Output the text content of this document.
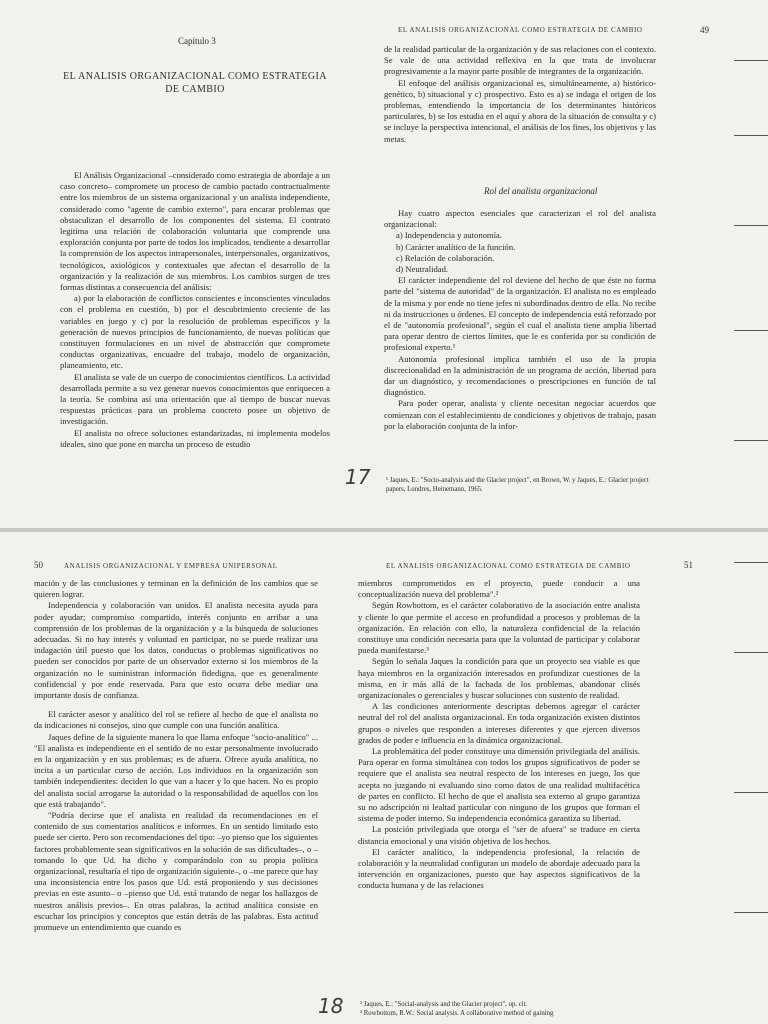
Capítulo 3
EL ANALISIS ORGANIZACIONAL COMO ESTRATEGIA
DE CAMBIO

El Análisis Organizacional –considerado como estrategia de abordaje a un caso concreto– compromete un proceso de cambio pactado contractualmente entre los miembros de un sistema organizacional y un analista independiente, considerado como "agente de cambio externo", para encarar problemas que obstaculizan el desarrollo de los componentes del sistema. El contrato legitima una relación de colaboración voluntaria que comprende una exploración conjunta por parte de todos los implicados, tendiente a desarrollar la comprensión de los aspectos intrapersonales, interpersonales, organizativos, tecnológicos, axiológicos y contextuales que afectan el desarrollo de la organización y la realización de sus miembros. Los cambios surgen de tres formas distintas a consecuencia del análisis:

a) por la elaboración de conflictos conscientes e inconscientes vinculados con el problema en cuestión, b) por el descubrimiento creciente de las variables en juego y c) por la resolución de problemas específicos y la generación de nuevos principios de funcionamiento, de nuevas políticas que constituyen formulaciones en un nivel de abstracción que compromete conductas organizativas, encuadre del trabajo, modelo de organización, planeamiento, etc.

El analista se vale de un cuerpo de conocimientos científicos. La actividad desarrollada permite a su vez generar nuevos conocimientos que enriquecen a la teoría. Se combina así una orientación que al tiempo de buscar nuevas respuestas prácticas para un problema concreto posee un objetivo de investigación.

El analista no ofrece soluciones estandarizadas, ni implementa modelos ideales, sino que pone en marcha un proceso de estudio

17
EL ANALISIS ORGANIZACIONAL COMO ESTRATEGIA DE CAMBIO	49

de la realidad particular de la organización y de sus relaciones con el contexto. Se vale de una actividad reflexiva en la que trata de involucrar progresivamente a la mayor parte posible de integrantes de la organización.

El enfoque del análisis organizacional es, simultáneamente, a) histórico-genético, b) situacional y c) prospectivo. Esto es a) se indaga el origen de los problemas, entendiendo la importancia de los determinantes históricos particulares, b) se los estudia en el aquí y ahora de la situación de consulta y c) se incluye la perspectiva intencional, el análisis de los fines, los objetivos y las metas.

Rol del analista organizacional

Hay cuatro aspectos esenciales que caracterizan el rol del analista organizacional:

a) Independencia y autonomía.

b) Carácter analítico de la función.

c) Relación de colaboración.

d) Neutralidad.

El carácter independiente del rol deviene del hecho de que éste no forma parte del "sistema de autoridad" de la organización. El analista no es empleado de la misma y por ende no tiene jefes ni subordinados dentro de ella. No recibe ni da instrucciones u órdenes. El concepto de independencia está reforzado por el de "autonomía profesional", según el cual el analista tiene amplia libertad para operar dentro de ciertos límites, que le es conferida por su condición de profesional experto.¹

Autonomía profesional implica también el uso de la propia discrecionalidad en la administración de un programa de acción, libertad para dar un diagnóstico, y recomendaciones o prescripciones en función de tal diagnóstico.

Para poder operar, analista y cliente necesitan negociar acuerdos que comienzan con el establecimiento de condiciones y objetivos de trabajo, pasan por la elaboración conjunta de la infor-

¹ Jaques, E.: "Socio-analysis and the Glacier project", en Brown, W. y Jaques, E.: Glacier project papers, Londres, Heinemann, 1965.
50	ANALISIS ORGANIZACIONAL Y EMPRESA UNIPERSONAL

mación y de las conclusiones y terminan en la definición de los cambios que se quieren lograr.

Independencia y colaboración van unidos. El analista necesita ayuda para poder ayudar; compromiso compartido, interés conjunto en arribar a una comprensión de los problemas de la organización y a la búsqueda de soluciones adecuadas. Si no hay interés y voluntad en participar, no se puede realizar una indagación útil puesto que los datos, conductas o problemas significativos no pueden ser conocidos por parte de un observador externo si los miembros de la organización no le suministran información fidedigna, que es generalmente confidencial y por ende reservada. Para que esto ocurra debe mediar una importante dosis de confianza.

El carácter asesor y analítico del rol se refiere al hecho de que el analista no da indicaciones ni consejos, sino que cumple con una función analítica.

Jaques define de la siguiente manera lo que llama enfoque "socio-analítico" ... "El analista es independiente en el sentido de no estar personalmente involucrado en la organización y en sus problemas; es de afuera. Ofrece ayuda analítica, no incita a un particular curso de acción. Los individuos en la organización son también independientes: deciden lo que van a hacer y lo que hacen. No es propio del analista social arrogarse la autoridad o la responsabilidad de aquellos con los que está trabajando".

"Podría decirse que el analista en realidad da recomendaciones en el contenido de sus comentarios analíticos e informes. En un sentido limitado esto puede ser cierto. Pero son recomendaciones del tipo: –yo pienso que los siguientes factores probablemente sean significativos en la solución de sus dificultades–, o –tomando lo que Ud. ha dicho y comparándolo con su propia política organizacional, resultaría el tipo de organización siguiente–, o –me parece que hay una inconsistencia entre los pasos que Ud. está proponiendo y sus decisiones previas en este asunto– o –pienso que Ud. está tratando de negar los hallazgos de nuestros análisis previos–. En otras palabras, la actitud analítica consiste en escuchar los principios y conceptos que están detrás de las palabras. Esta actitud promueve un entendimiento que cuando es

EL ANALISIS ORGANIZACIONAL COMO ESTRATEGIA DE CAMBIO	51

miembros comprometidos en el proyecto, puede conducir a una conceptualización nueva del problema".²

Según Rowbottom, es el carácter colaborativo de la asociación entre analista y cliente lo que permite el acceso en profundidad a procesos y problemas de la organización. En relación con ello, la naturaleza confidencial de la relación constituye una condición necesaria para que la voluntad de participar y colaborar pueda manifestarse.³

Según lo señala Jaques la condición para que un proyecto sea viable es que haya miembros en la organización interesados en profundizar cuestiones de la misma, en ir más allá de la fachada de los problemas, abandonar clisés organizacionales o gerenciales y buscar soluciones con sustento de realidad.

A las condiciones anteriormente descriptas debemos agregar el carácter neutral del rol del analista organizacional. En toda organización existen distintos grupos o niveles que responden a intereses diferentes y que ejercen diversos grados de poder e influencia en la dinámica organizacional.

La problemática del poder constituye una dimensión privilegiada del análisis. Para operar en forma simultánea con todos los grupos significativos de poder se requiere que el analista sea neutral respecto de los intereses en juego, los que acepta no juzgando ni evaluando sino como datos de una realidad multifacética de partes en conflicto. El hecho de que el analista sea externo al grupo garantiza su no adscripción ni lealtad particular con ninguno de los grupos que forman el sistema de poder interno. Su independencia económica garantiza su libertad.

La posición privilegiada que otorga el "ser de afuera" se traduce en cierta distancia emocional y una visión objetiva de los hechos.

El carácter analítico, la independencia profesional, la relación de colaboración y la neutralidad configuran un modelo de abordaje adecuado para la intervención en organizaciones, puesto que hay aspectos significativos de la conducta humana y de las relaciones

² Jaques, E.: "Social-analysis and the Glacier project", op. cit.
³ Rowbottom, R.W.: Social analysis. A collaborative method of gaining
18
